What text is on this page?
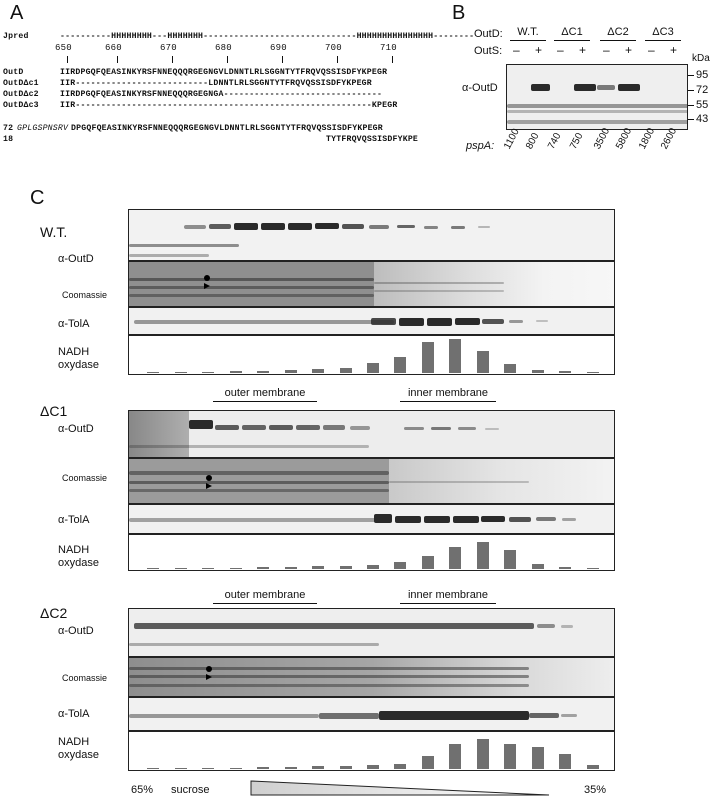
A
Jpred	----------HHHHHHHH---HHHHHHH------------------------------HHHHHHHHHHHHHHH--------
650	660	670	680	690	700	710
OutD	IIRDPGQFQEASINKYRSFNNEQQQRGEGNGVLDNNTLRLSGGNTYTFRQVQSSISDFYKPEGR
OutDΔc1	IIR--------------------------LDNNTLRLSGGNTYTFRQVQSSISDFYKPEGR
OutDΔc2	IIRDPGQFQEASINKYRSFNNEQQQRGEGNGA-------------------------------
OutDΔc3	IIR----------------------------------------------------------KPEGR
72 GPLGSPNSRV DPGQFQEASINKYRSFNNEQQQRGEGNGVLDNNTLRLSGGNTYTFRQVQSSISDFYKPEGR
18	TYTFRQVQSSISDFYKPE
B
OutD:
OutS:
W.T.	ΔC1	ΔC2	ΔC3
– + – + – + – +
kDa
95
72
55
43
α-OutD
pspA: 1100 800 740 750 3500 5800 1800 2600
C
W.T.
α-OutD
Coomassie
α-TolA
NADH oxydase
ΔC1
outer membrane	inner membrane
α-OutD
Coomassie
α-TolA
NADH oxydase
ΔC2
outer membrane	inner membrane
α-OutD
Coomassie
α-TolA
NADH oxydase
65% sucrose	35%
